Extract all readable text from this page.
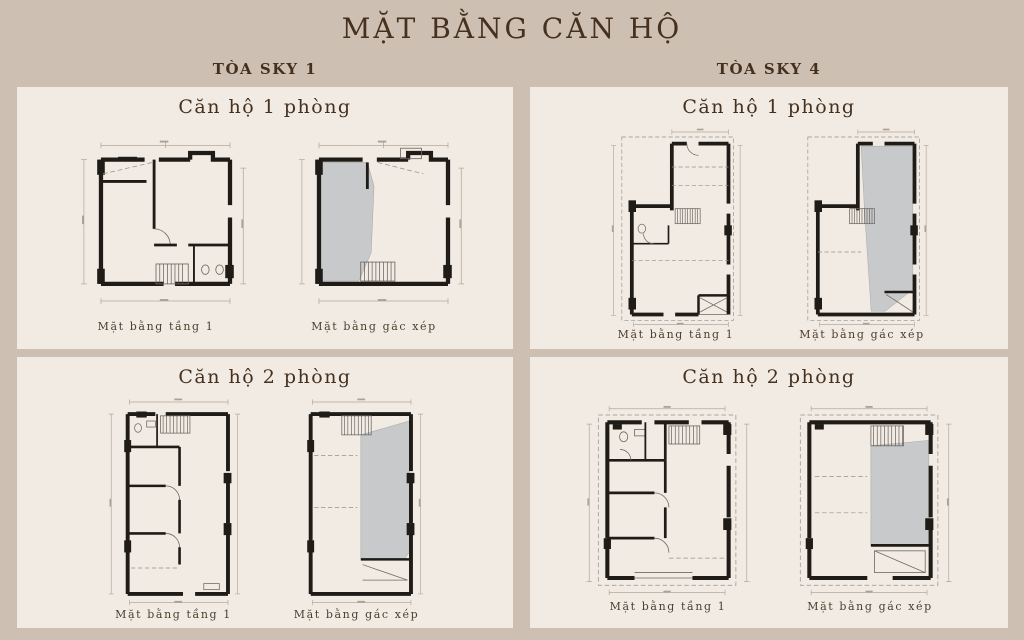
MẶT BẰNG CĂN HỘ
TÒA SKY 1	TÒA SKY 4
Căn hộ 1 phòng
Mặt bằng tầng 1	Mặt bằng gác xép
Căn hộ 2 phòng
Mặt bằng tầng 1	Mặt bằng gác xép
Căn hộ 1 phòng
Mặt bằng tầng 1	Mặt bằng gác xép
Căn hộ 2 phòng
Mặt bằng tầng 1	Mặt bằng gác xép
